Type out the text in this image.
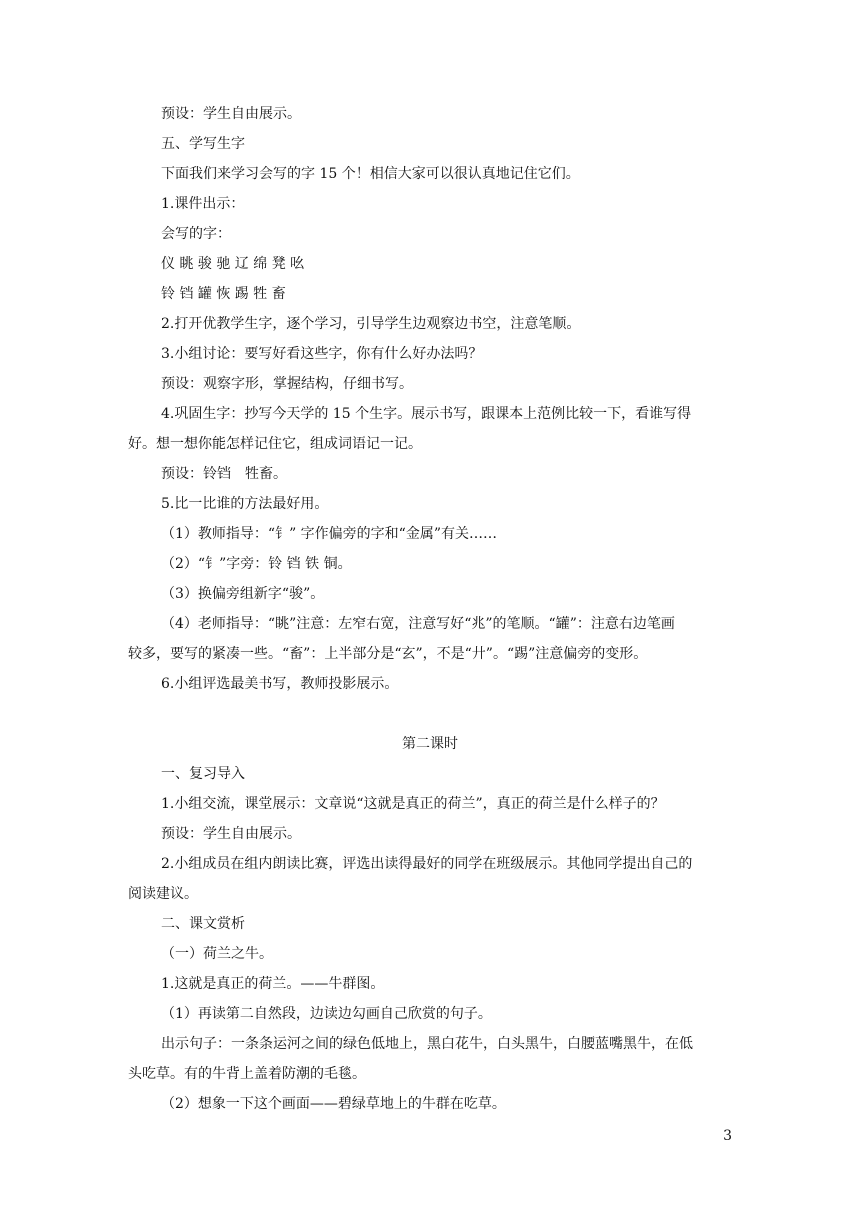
预设：学生自由展示。
五、学写生字
下面我们来学习会写的字 15 个！相信大家可以很认真地记住它们。
1.课件出示：
会写的字：
仪 眺 骏 驰 辽 绵 凳 吆
铃 铛 罐 恢 踢 牲 畜
2.打开优教学生字，逐个学习，引导学生边观察边书空，注意笔顺。
3.小组讨论：要写好看这些字，你有什么好办法吗？
预设：观察字形，掌握结构，仔细书写。
4.巩固生字：抄写今天学的 15 个生字。展示书写，跟课本上范例比较一下，看谁写得
好。想一想你能怎样记住它，组成词语记一记。
预设：铃铛　牲畜。
5.比一比谁的方法最好用。
（1）教师指导：“钅” 字作偏旁的字和“金属”有关……
（2）“钅”字旁：铃 铛 铁 铜。
（3）换偏旁组新字“骏”。
（4）老师指导：“眺”注意：左窄右宽，注意写好“兆”的笔顺。“罐”：注意右边笔画
较多，要写的紧凑一些。“畜”：上半部分是“玄”，不是“廾”。“踢”注意偏旁的变形。
6.小组评选最美书写，教师投影展示。
第二课时
一、复习导入
1.小组交流，课堂展示：文章说“这就是真正的荷兰”，真正的荷兰是什么样子的？
预设：学生自由展示。
2.小组成员在组内朗读比赛，评选出读得最好的同学在班级展示。其他同学提出自己的
阅读建议。
二、课文赏析
（一）荷兰之牛。
1.这就是真正的荷兰。——牛群图。
（1）再读第二自然段，边读边勾画自己欣赏的句子。
出示句子：一条条运河之间的绿色低地上，黑白花牛，白头黑牛，白腰蓝嘴黑牛，在低
头吃草。有的牛背上盖着防潮的毛毯。
（2）想象一下这个画面——碧绿草地上的牛群在吃草。
3
